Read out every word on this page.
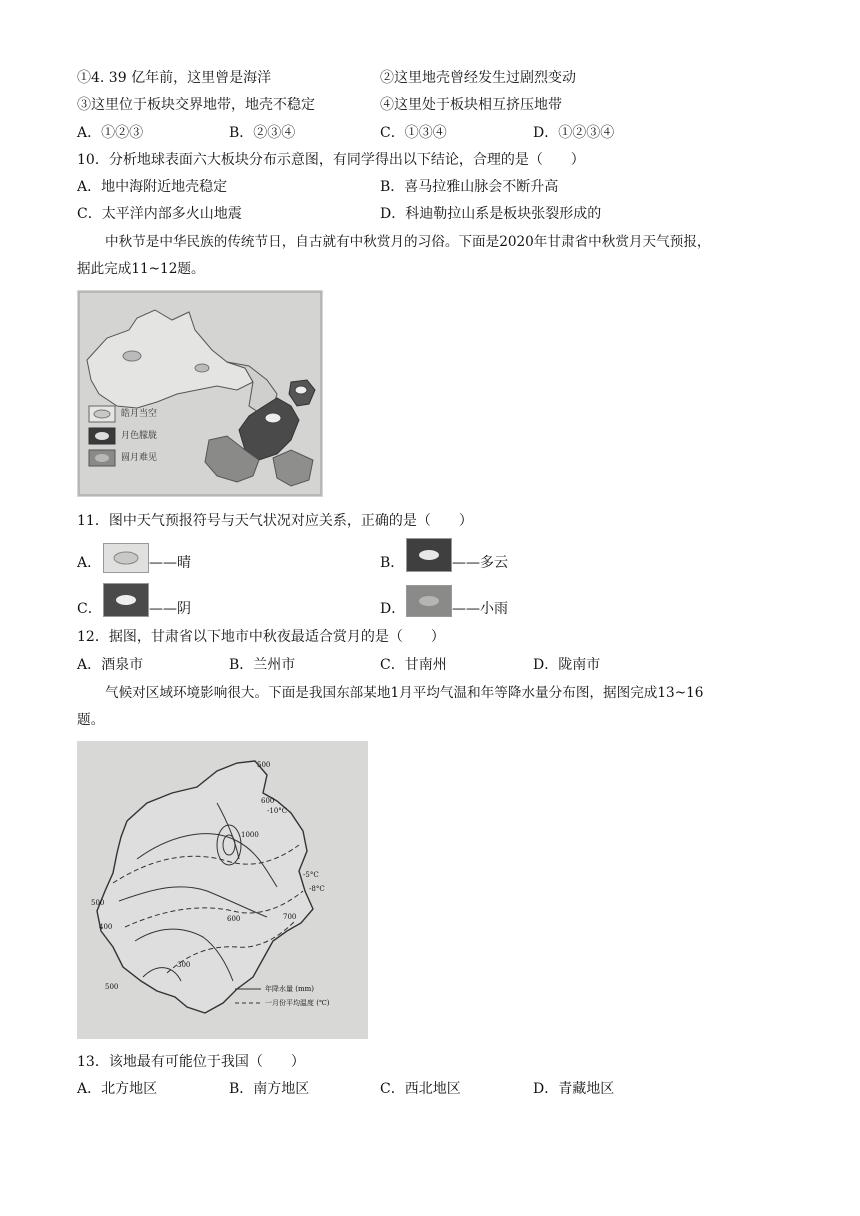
①4. 39 亿年前，这里曾是海洋	②这里地壳曾经发生过剧烈变动
③这里位于板块交界地带，地壳不稳定	④这里处于板块相互挤压地带
A．①②③	B．②③④	C．①③④	D．①②③④
10．分析地球表面六大板块分布示意图，有同学得出以下结论，合理的是（　　）
A．地中海附近地壳稳定	B．喜马拉雅山脉会不断升高
C．太平洋内部多火山地震	D．科迪勒拉山系是板块张裂形成的
中秋节是中华民族的传统节日，自古就有中秋赏月的习俗。下面是2020年甘肃省中秋赏月天气预报，
据此完成11~12题。
皓月当空
月色朦胧
圆月难见
11．图中天气预报符号与天气状况对应关系，正确的是（　　）
A．	——晴	B．	——多云
C．	——阴	D．	——小雨
12．据图，甘肃省以下地市中秋夜最适合赏月的是（　　）
A．酒泉市	B．兰州市	C．甘南州	D．陇南市
气候对区域环境影响很大。下面是我国东部某地1月平均气温和年等降水量分布图，据图完成13~16
题。
500
600
-10°C
-5°C
-8°C
500
400
600	700
500
300
1000
年降水量 (mm)
一月份平均温度 (℃)
13．该地最有可能位于我国（　　）
A．北方地区	B．南方地区	C．西北地区	D．青藏地区
